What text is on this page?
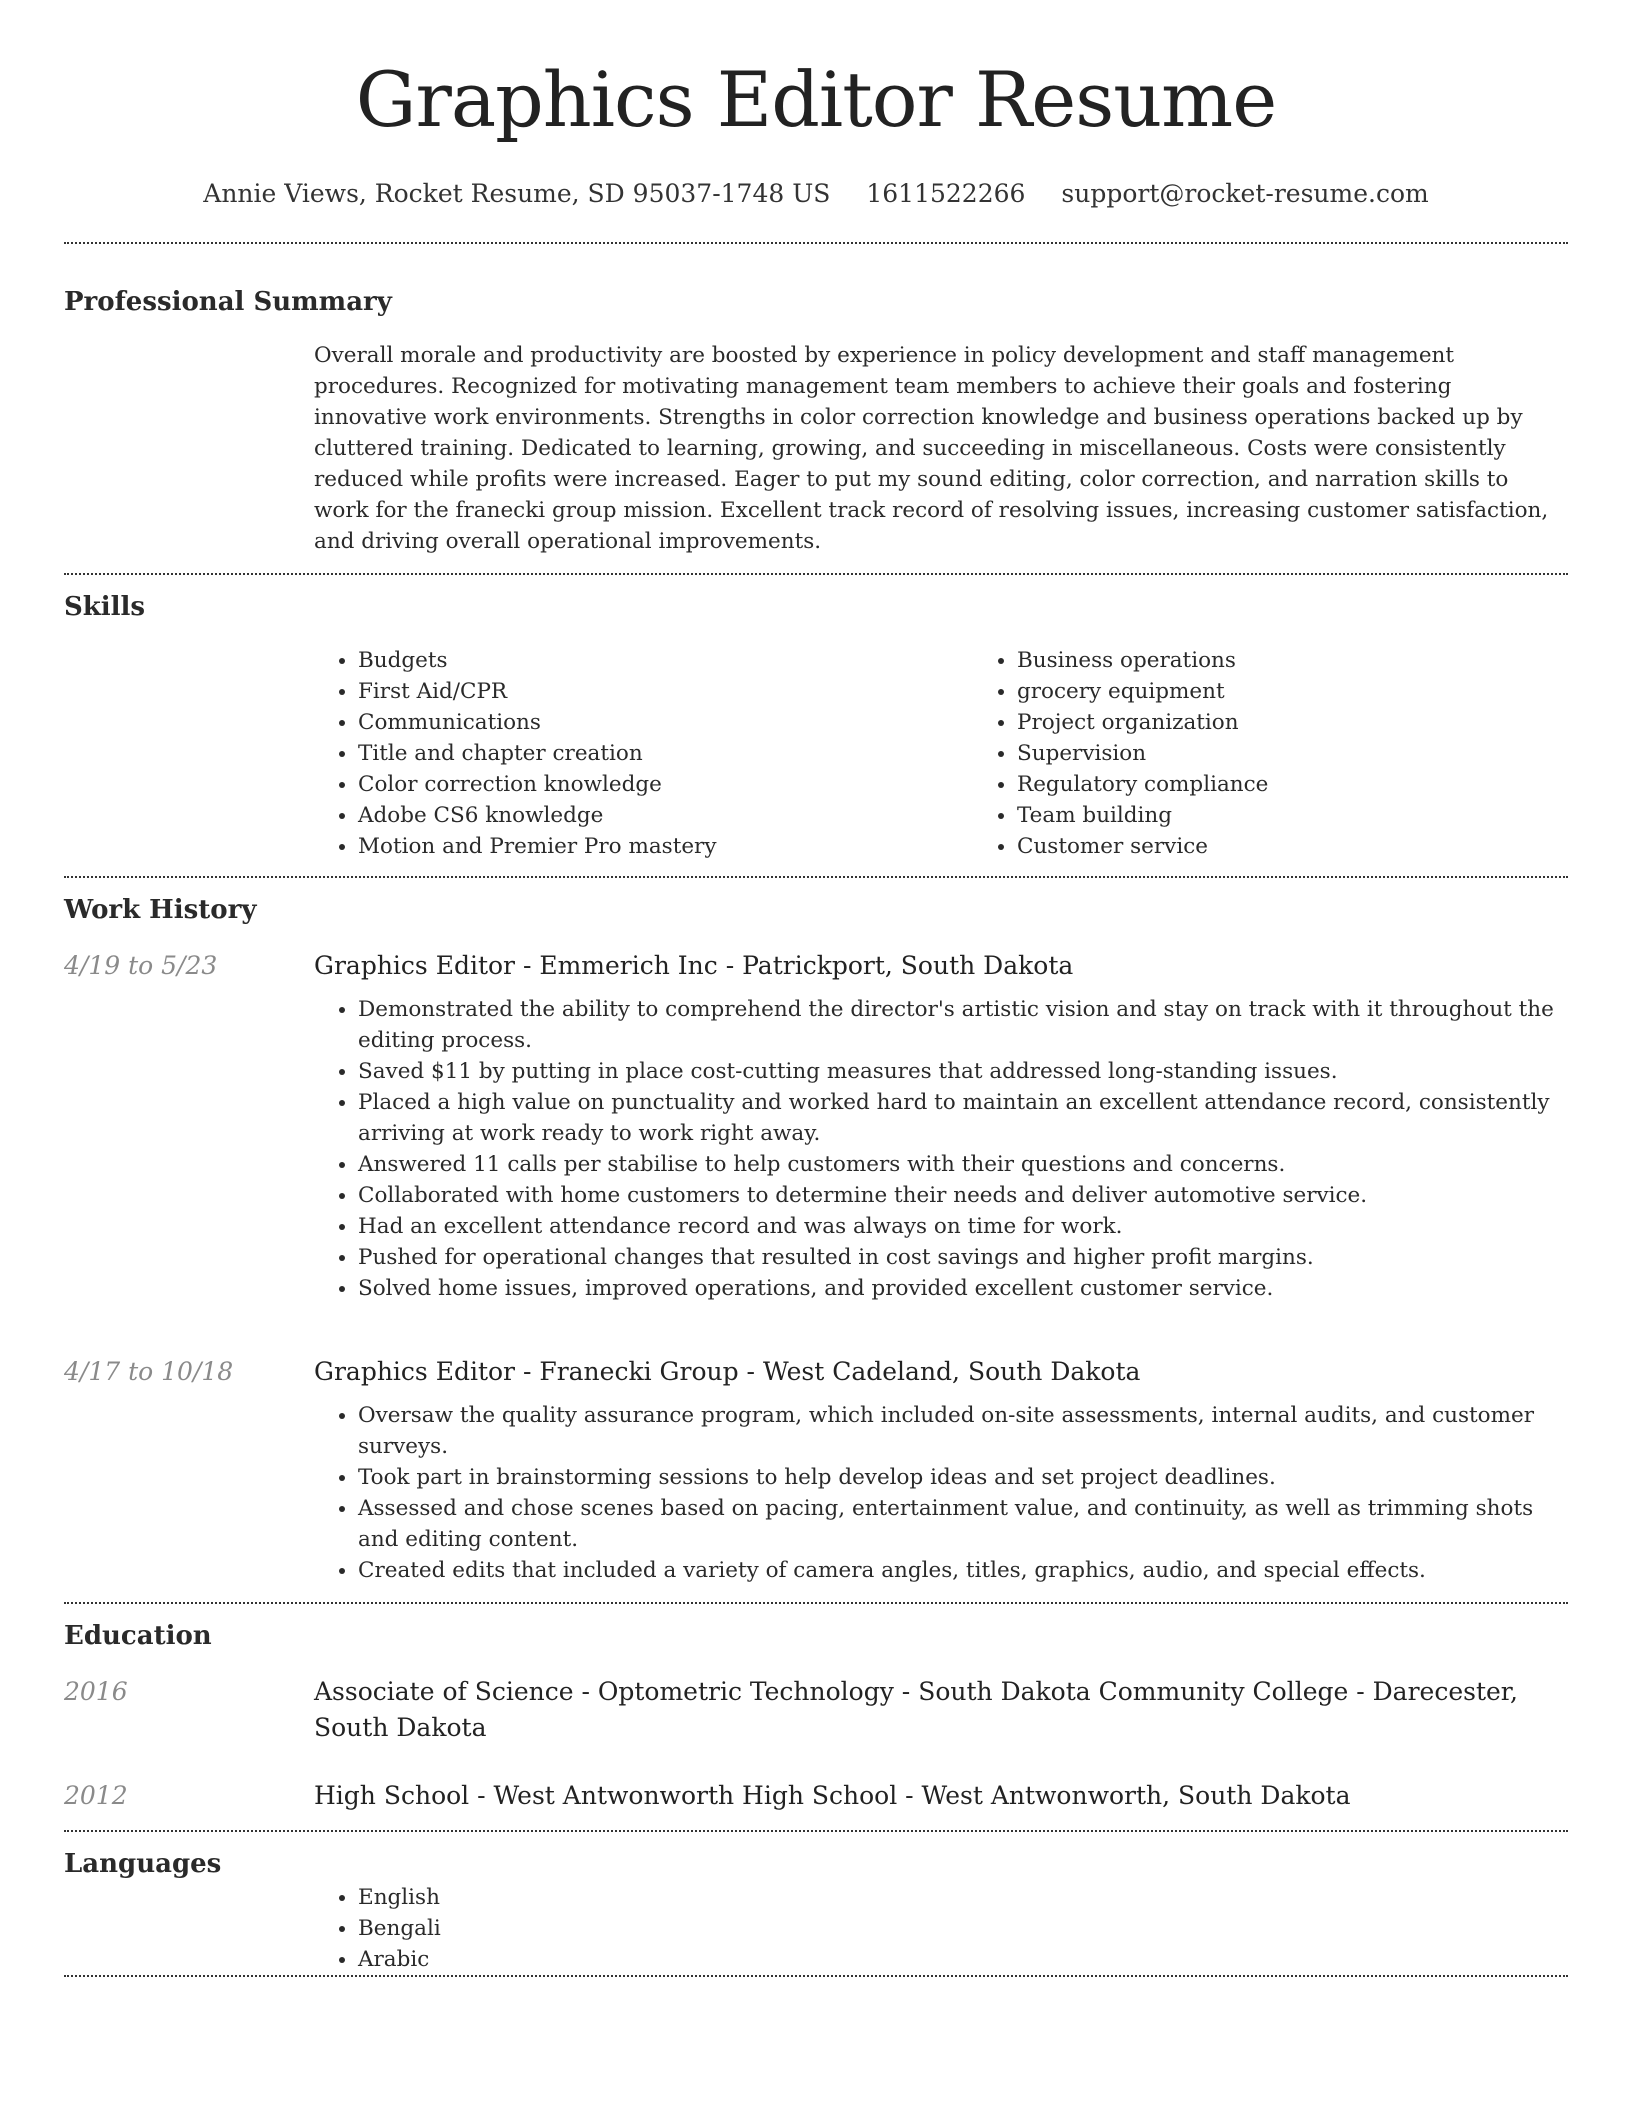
Graphics Editor Resume
Annie Views, Rocket Resume, SD 95037-1748 US 1611522266 support@rocket-resume.com
Professional Summary

Overall morale and productivity are boosted by experience in policy development and staff management procedures. Recognized for motivating management team members to achieve their goals and fostering innovative work environments. Strengths in color correction knowledge and business operations backed up by cluttered training. Dedicated to learning, growing, and succeeding in miscellaneous. Costs were consistently reduced while profits were increased. Eager to put my sound editing, color correction, and narration skills to work for the franecki group mission. Excellent track record of resolving issues, increasing customer satisfaction, and driving overall operational improvements.

Skills
• Budgets
• First Aid/CPR
• Communications
• Title and chapter creation
• Color correction knowledge
• Adobe CS6 knowledge
• Motion and Premier Pro mastery
• Business operations
• grocery equipment
• Project organization
• Supervision
• Regulatory compliance
• Team building
• Customer service
Work History
4/19 to 5/23	Graphics Editor - Emmerich Inc - Patrickport, South Dakota
• Demonstrated the ability to comprehend the director's artistic vision and stay on track with it throughout the editing process.
• Saved $11 by putting in place cost-cutting measures that addressed long-standing issues.
• Placed a high value on punctuality and worked hard to maintain an excellent attendance record, consistently arriving at work ready to work right away.
• Answered 11 calls per stabilise to help customers with their questions and concerns.
• Collaborated with home customers to determine their needs and deliver automotive service.
• Had an excellent attendance record and was always on time for work.
• Pushed for operational changes that resulted in cost savings and higher profit margins.
• Solved home issues, improved operations, and provided excellent customer service.
4/17 to 10/18	Graphics Editor - Franecki Group - West Cadeland, South Dakota
• Oversaw the quality assurance program, which included on-site assessments, internal audits, and customer surveys.
• Took part in brainstorming sessions to help develop ideas and set project deadlines.
• Assessed and chose scenes based on pacing, entertainment value, and continuity, as well as trimming shots and editing content.
• Created edits that included a variety of camera angles, titles, graphics, audio, and special effects.
Education
2016	Associate of Science - Optometric Technology - South Dakota Community College - Darecester, South Dakota
2012	High School - West Antwonworth High School - West Antwonworth, South Dakota
Languages
• English
• Bengali
• Arabic
